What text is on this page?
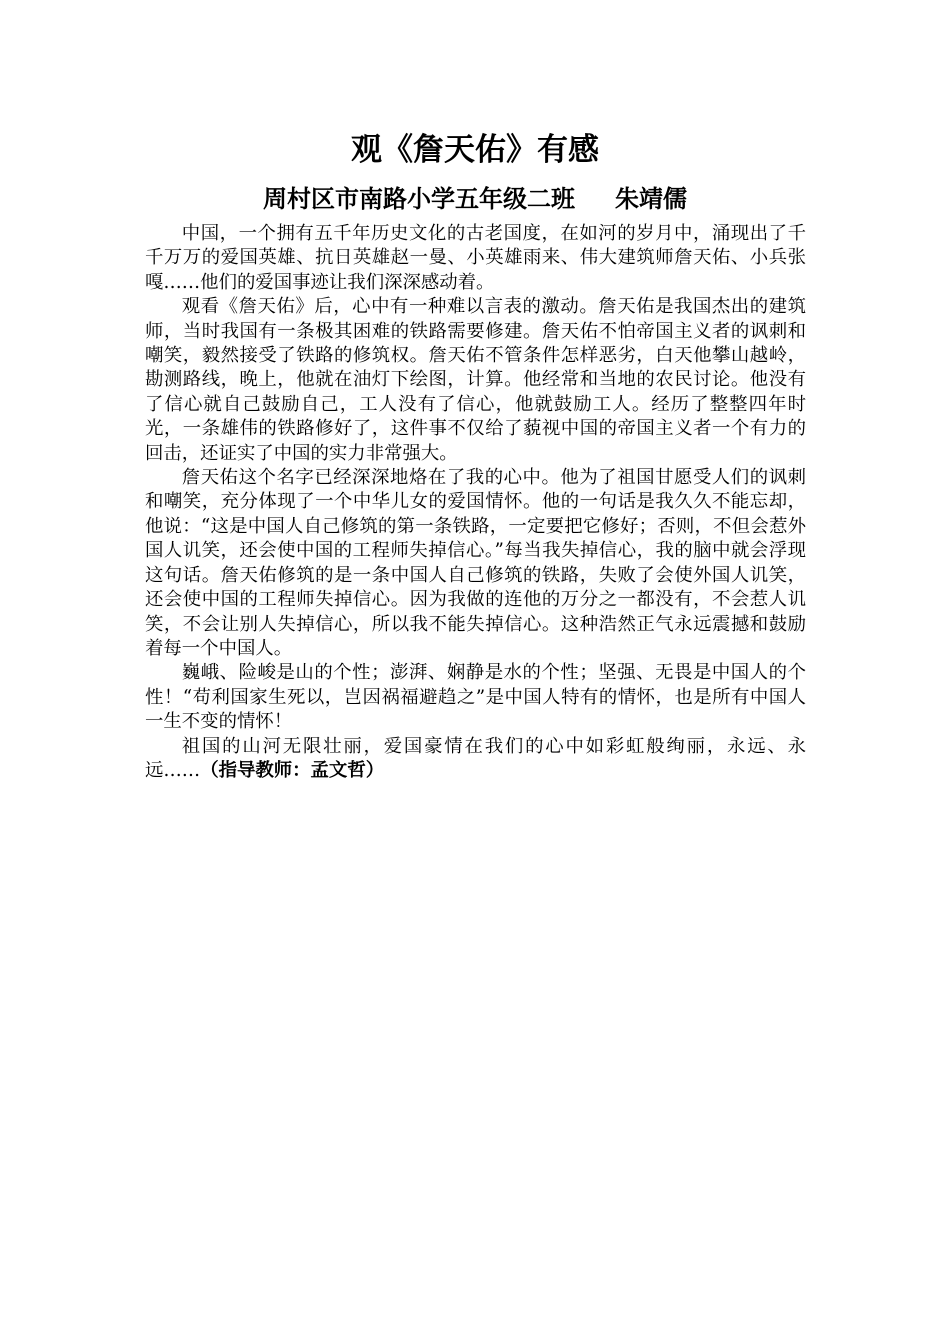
观《詹天佑》有感
周村区市南路小学五年级二班 朱靖儒

中国，一个拥有五千年历史文化的古老国度，在如河的岁月中，涌现出了千千万万的爱国英雄、抗日英雄赵一曼、小英雄雨来、伟大建筑师詹天佑、小兵张嘎……他们的爱国事迹让我们深深感动着。

观看《詹天佑》后，心中有一种难以言表的激动。詹天佑是我国杰出的建筑师，当时我国有一条极其困难的铁路需要修建。詹天佑不怕帝国主义者的讽刺和嘲笑，毅然接受了铁路的修筑权。詹天佑不管条件怎样恶劣，白天他攀山越岭，勘测路线，晚上，他就在油灯下绘图，计算。他经常和当地的农民讨论。他没有了信心就自己鼓励自己，工人没有了信心，他就鼓励工人。经历了整整四年时光，一条雄伟的铁路修好了，这件事不仅给了藐视中国的帝国主义者一个有力的回击，还证实了中国的实力非常强大。

詹天佑这个名字已经深深地烙在了我的心中。他为了祖国甘愿受人们的讽刺和嘲笑，充分体现了一个中华儿女的爱国情怀。他的一句话是我久久不能忘却，他说：“这是中国人自己修筑的第一条铁路，一定要把它修好；否则，不但会惹外国人讥笑，还会使中国的工程师失掉信心。”每当我失掉信心，我的脑中就会浮现这句话。詹天佑修筑的是一条中国人自己修筑的铁路，失败了会使外国人讥笑，还会使中国的工程师失掉信心。因为我做的连他的万分之一都没有，不会惹人讥笑，不会让别人失掉信心，所以我不能失掉信心。这种浩然正气永远震撼和鼓励着每一个中国人。

巍峨、险峻是山的个性；澎湃、娴静是水的个性；坚强、无畏是中国人的个性！“苟利国家生死以，岂因祸福避趋之”是中国人特有的情怀，也是所有中国人一生不变的情怀！

祖国的山河无限壮丽，爱国豪情在我们的心中如彩虹般绚丽，永远、永远……（指导教师：孟文哲）
